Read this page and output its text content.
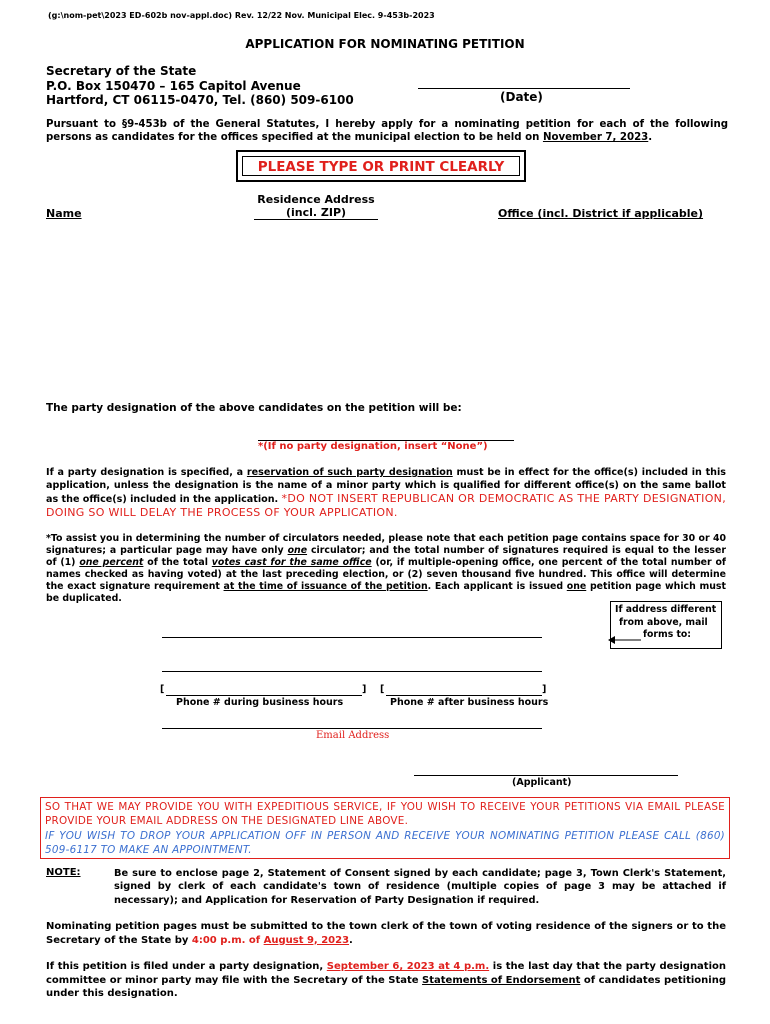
(g:\nom-pet\2023 ED-602b nov-appl.doc) Rev. 12/22 Nov. Municipal Elec. 9-453b-2023
APPLICATION FOR NOMINATING PETITION
Secretary of the State
P.O. Box 150470 – 165 Capitol Avenue
Hartford, CT 06115-0470, Tel. (860) 509-6100	(Date)
Pursuant to §9-453b of the General Statutes, I hereby apply for a nominating petition for each of the following persons as candidates for the offices specified at the municipal election to be held on November 7, 2023.
PLEASE TYPE OR PRINT CLEARLY
Name
Residence Address
(incl. ZIP)	Office (incl. District if applicable)
The party designation of the above candidates on the petition will be:
*(If no party designation, insert “None”)
If a party designation is specified, a reservation of such party designation must be in effect for the office(s) included in this application, unless the designation is the name of a minor party which is qualified for different office(s) on the same ballot as the office(s) included in the application. *DO NOT INSERT REPUBLICAN OR DEMOCRATIC AS THE PARTY DESIGNATION, DOING SO WILL DELAY THE PROCESS OF YOUR APPLICATION.
*To assist you in determining the number of circulators needed, please note that each petition page contains space for 30 or 40 signatures; a particular page may have only one circulator; and the total number of signatures required is equal to the lesser of (1) one percent of the total votes cast for the same office (or, if multiple-opening office, one percent of the total number of names checked as having voted) at the last preceding election, or (2) seven thousand five hundred. This office will determine the exact signature requirement at the time of issuance of the petition. Each applicant is issued one petition page which must be duplicated.
If address different
from above, mail
forms to:
[	] [	]
Phone # during business hours	Phone # after business hours
Email Address
(Applicant)
SO THAT WE MAY PROVIDE YOU WITH EXPEDITIOUS SERVICE, IF YOU WISH TO RECEIVE YOUR PETITIONS VIA EMAIL PLEASE PROVIDE YOUR EMAIL ADDRESS ON THE DESIGNATED LINE ABOVE.
IF YOU WISH TO DROP YOUR APPLICATION OFF IN PERSON AND RECEIVE YOUR NOMINATING PETITION PLEASE CALL (860) 509-6117 TO MAKE AN APPOINTMENT.
NOTE:	Be sure to enclose page 2, Statement of Consent signed by each candidate; page 3, Town Clerk's Statement, signed by clerk of each candidate's town of residence (multiple copies of page 3 may be attached if necessary); and Application for Reservation of Party Designation if required.
Nominating petition pages must be submitted to the town clerk of the town of voting residence of the signers or to the Secretary of the State by 4:00 p.m. of August 9, 2023.
If this petition is filed under a party designation, September 6, 2023 at 4 p.m. is the last day that the party designation committee or minor party may file with the Secretary of the State Statements of Endorsement of candidates petitioning under this designation.
